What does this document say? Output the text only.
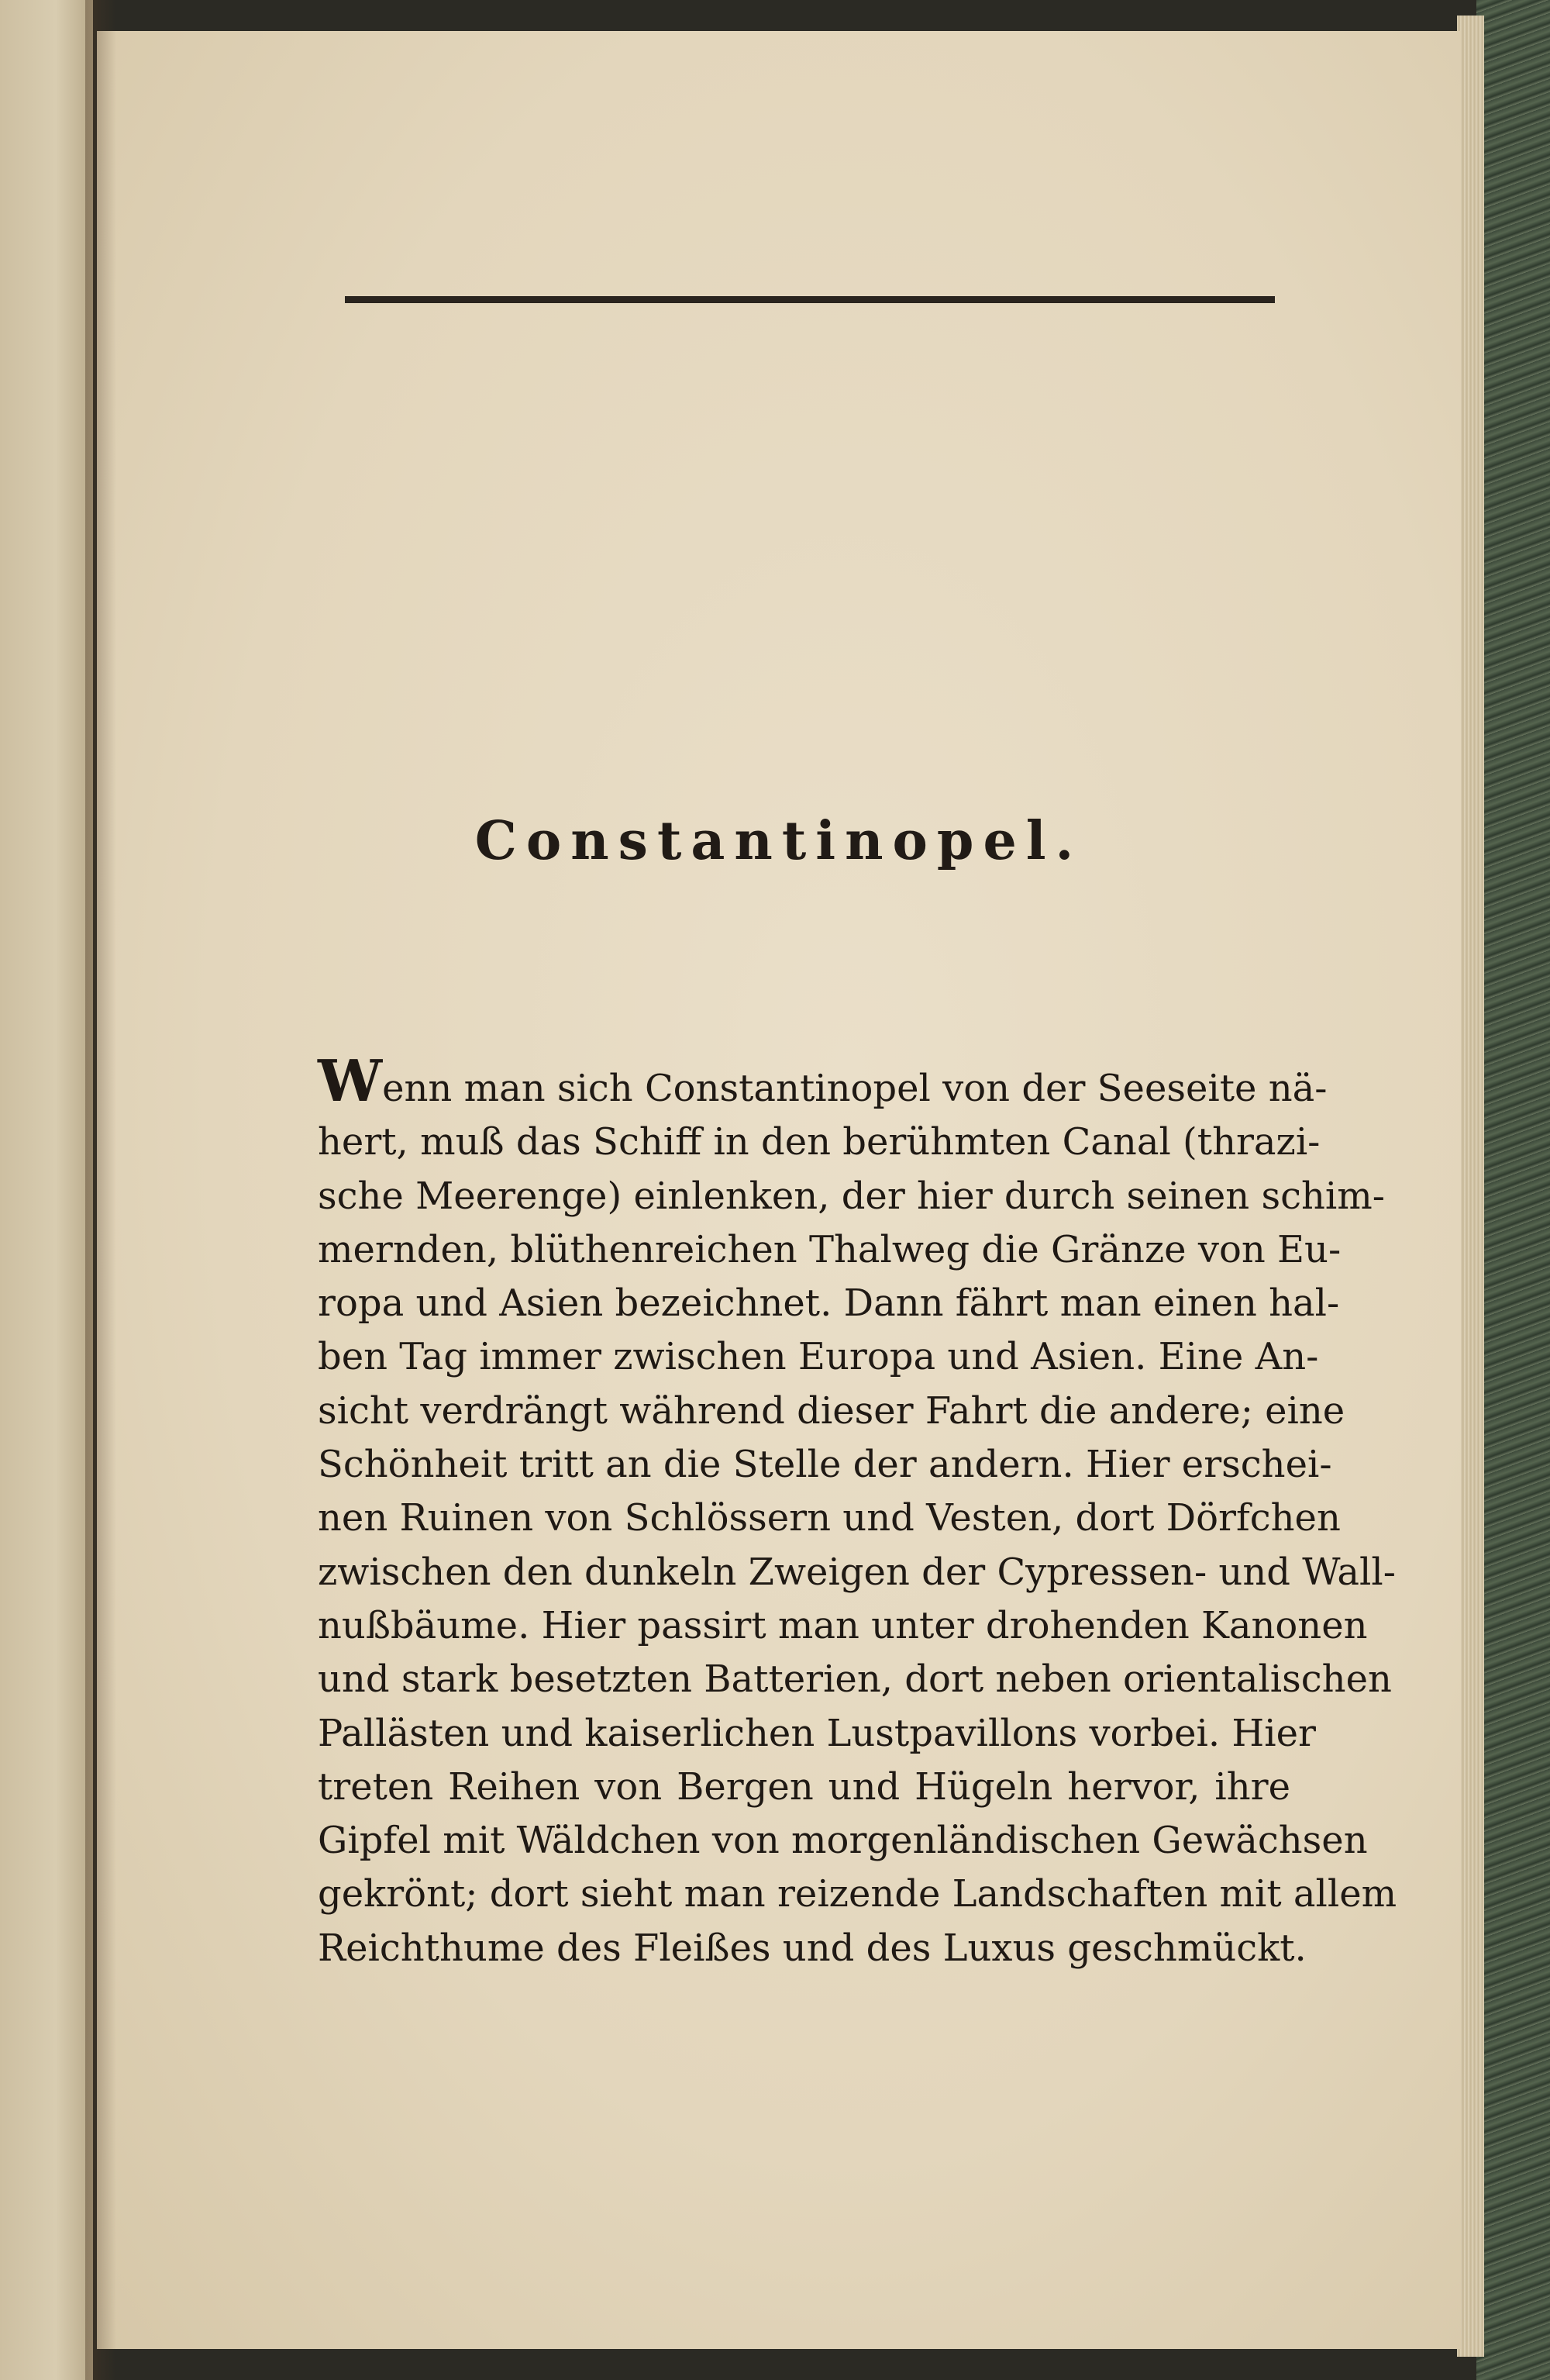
Constantinopel.

Wenn man sich Constantinopel von der Seeseite nä-
hert, muß das Schiff in den berühmten Canal (thrazi-
sche Meerenge) einlenken, der hier durch seinen schim-
mernden, blüthenreichen Thalweg die Gränze von Eu-
ropa und Asien bezeichnet. Dann fährt man einen hal-
ben Tag immer zwischen Europa und Asien. Eine An-
sicht verdrängt während dieser Fahrt die andere; eine
Schönheit tritt an die Stelle der andern. Hier erschei-
nen Ruinen von Schlössern und Vesten, dort Dörfchen
zwischen den dunkeln Zweigen der Cypressen- und Wall-
nußbäume. Hier passirt man unter drohenden Kanonen
und stark besetzten Batterien, dort neben orientalischen
Pallästen und kaiserlichen Lustpavillons vorbei. Hier
treten Reihen von Bergen und Hügeln hervor, ihre
Gipfel mit Wäldchen von morgenländischen Gewächsen
gekrönt; dort sieht man reizende Landschaften mit allem
Reichthume des Fleißes und des Luxus geschmückt.
